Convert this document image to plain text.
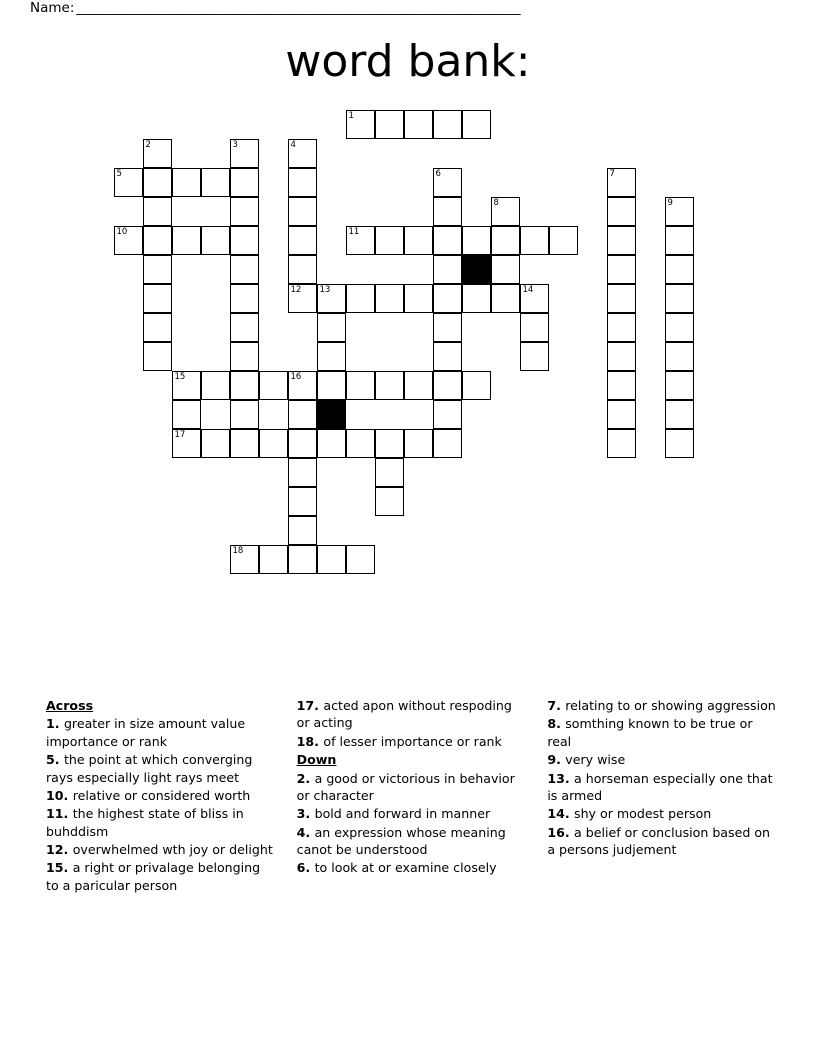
Name: _______________________________________________________________________
word bank:
1
2	3	4
5	6	7
8	9
10	11
12 13	14
15	16
17
18
Across
1. greater in size amount value importance or rank
5. the point at which converging rays especially light rays meet
10. relative or considered worth
11. the highest state of bliss in buhddism
12. overwhelmed wth joy or delight
15. a right or privalage belonging to a paricular person
17. acted apon without respoding or acting
18. of lesser importance or rank
Down
2. a good or victorious in behavior or character
3. bold and forward in manner
4. an expression whose meaning canot be understood
6. to look at or examine closely
7. relating to or showing aggression
8. somthing known to be true or real
9. very wise
13. a horseman especially one that is armed
14. shy or modest person
16. a belief or conclusion based on a persons judjement
